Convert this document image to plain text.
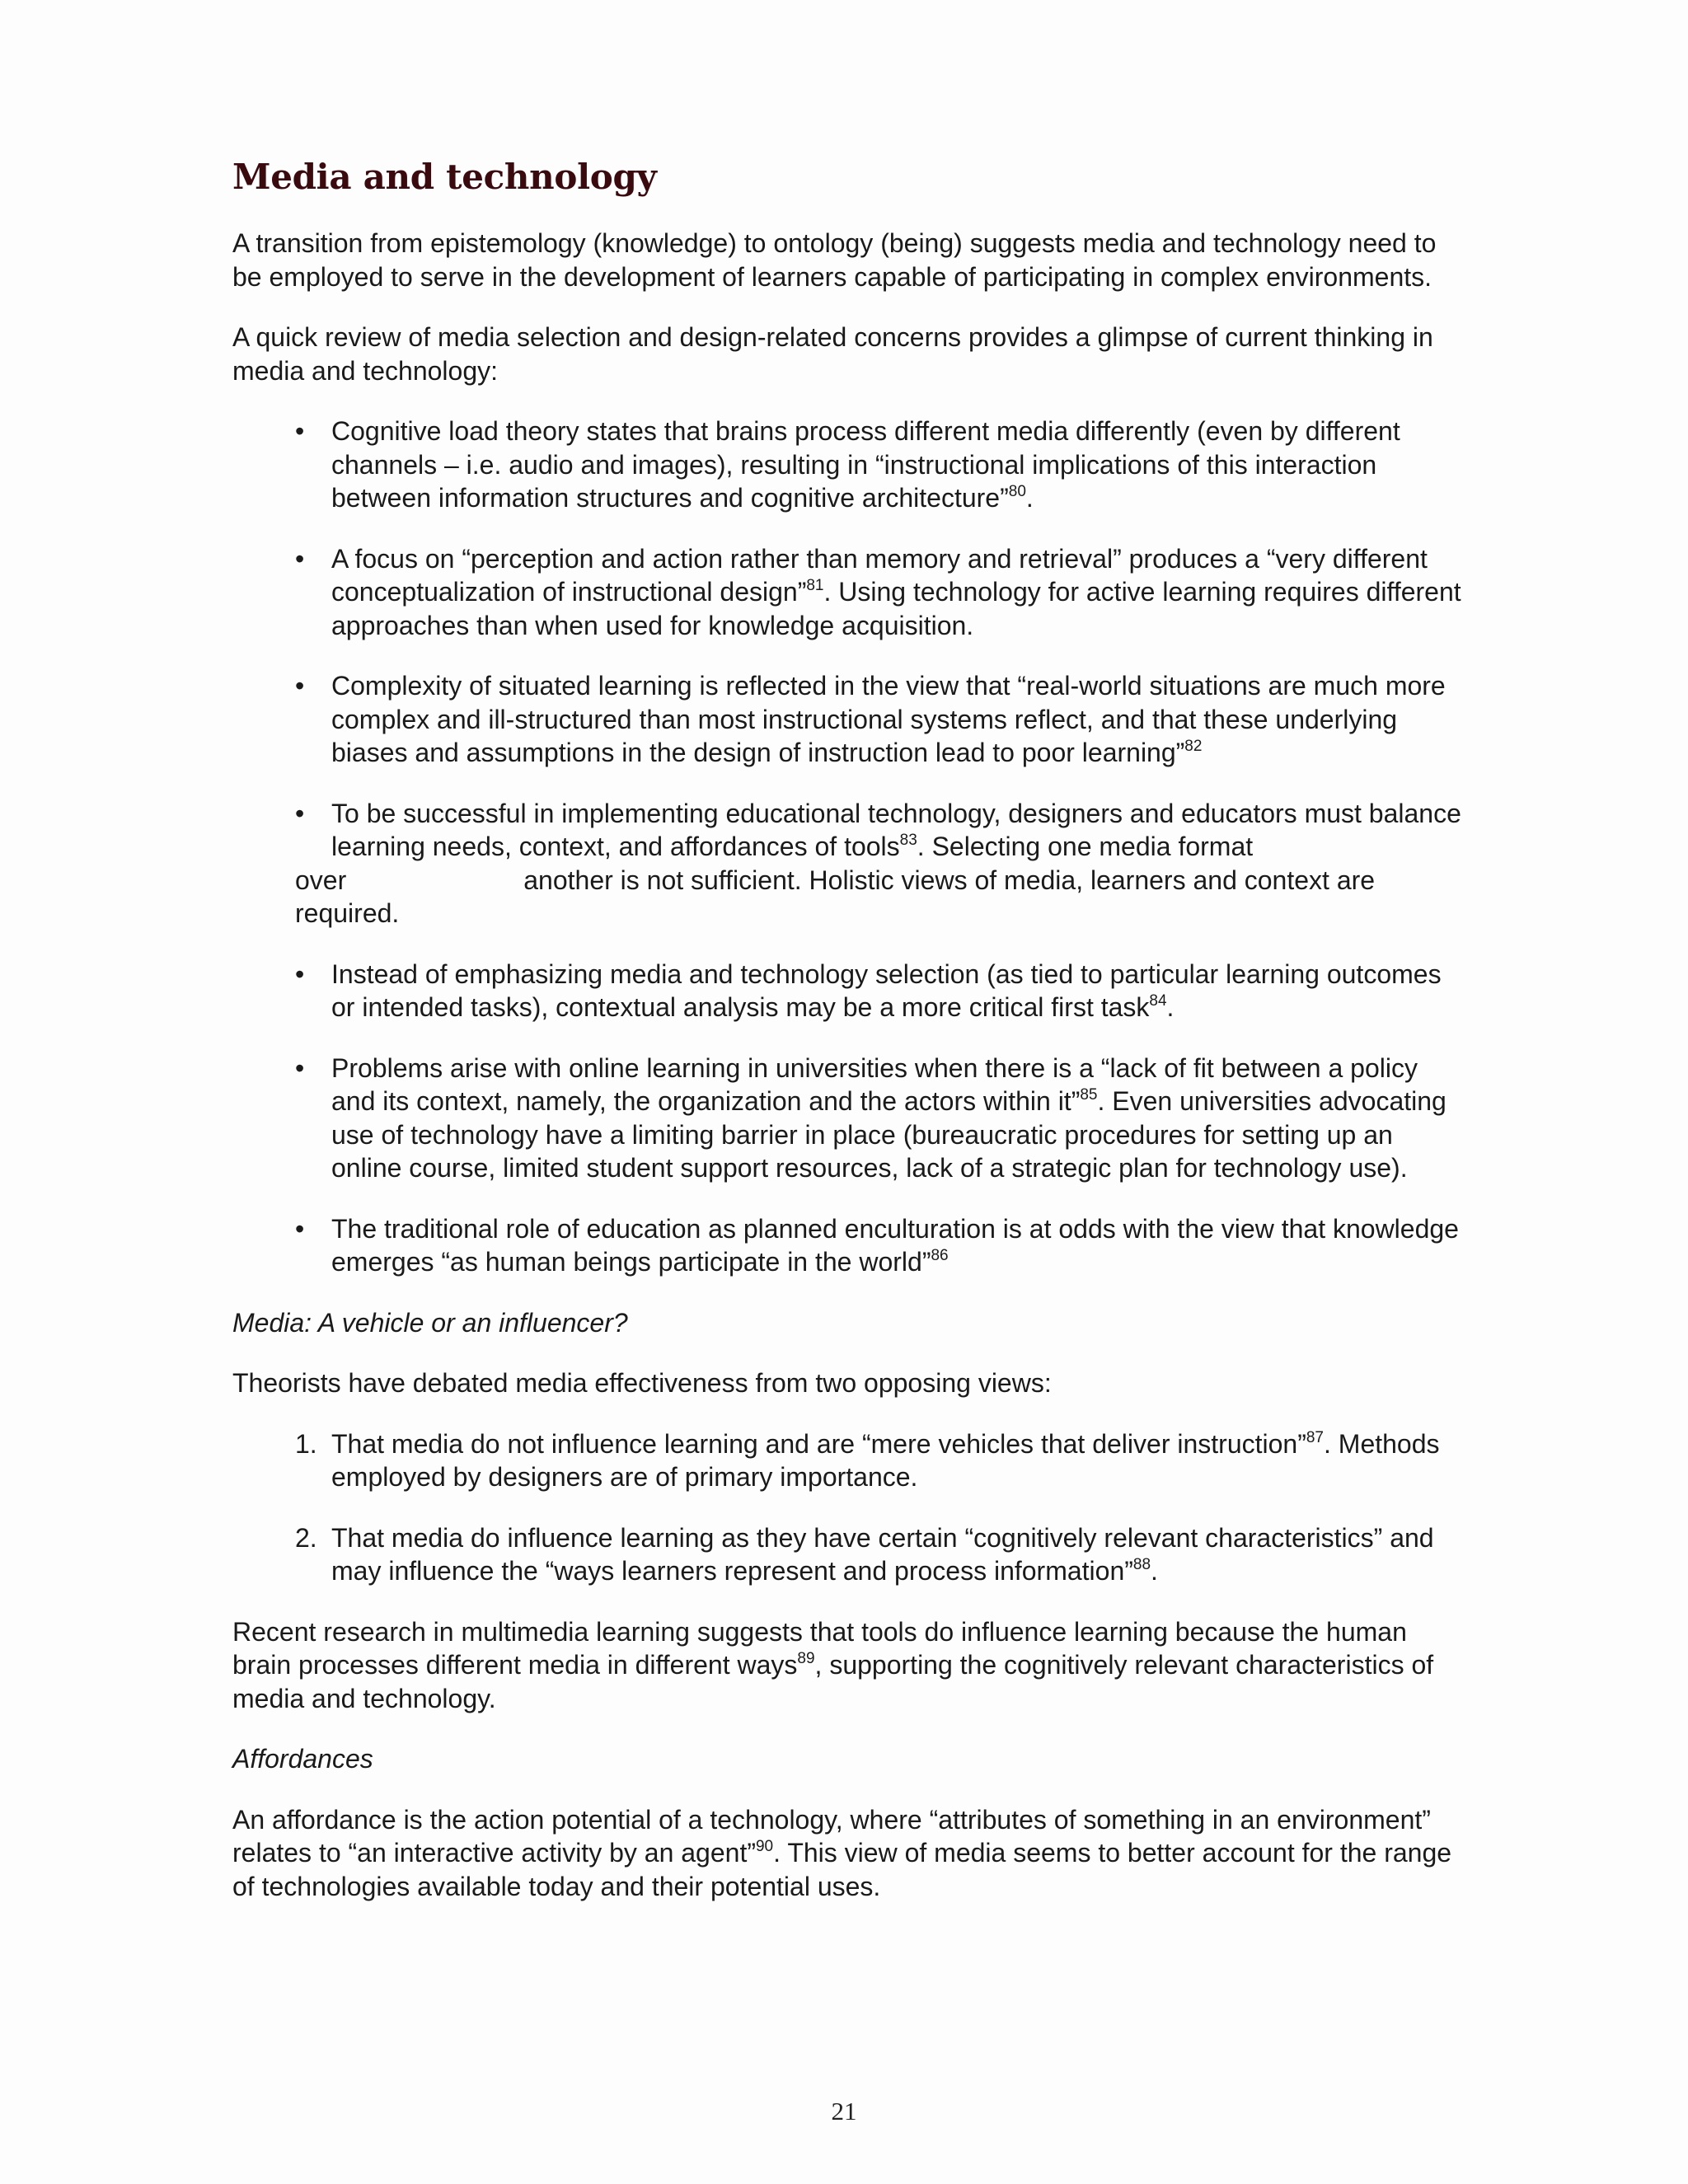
Media and technology

A transition from epistemology (knowledge) to ontology (being) suggests media and technology need to be employed to serve in the development of learners capable of participating in complex environments.

A quick review of media selection and design-related concerns provides a glimpse of current thinking in media and technology:

• Cognitive load theory states that brains process different media differently (even by different channels – i.e. audio and images), resulting in “instructional implications of this interaction between information structures and cognitive architecture”$^{80}$.
• A focus on “perception and action rather than memory and retrieval” produces a “very different conceptualization of instructional design”$^{81}$. Using technology for active learning requires different approaches than when used for knowledge acquisition.
• Complexity of situated learning is reflected in the view that “real-world situations are much more complex and ill-structured than most instructional systems reflect, and that these underlying biases and assumptions in the design of instruction lead to poor learning”$^{82}$
• To be successful in implementing educational technology, designers and educators must balance learning needs, context, and affordances of tools$^{83}$. Selecting one media format
over	another is not sufficient. Holistic views of media, learners and context are
required.
• Instead of emphasizing media and technology selection (as tied to particular learning outcomes or intended tasks), contextual analysis may be a more critical first task$^{84}$.
• Problems arise with online learning in universities when there is a “lack of fit between a policy and its context, namely, the organization and the actors within it”$^{85}$. Even universities advocating use of technology have a limiting barrier in place (bureaucratic procedures for setting up an online course, limited student support resources, lack of a strategic plan for technology use).
• The traditional role of education as planned enculturation is at odds with the view that knowledge emerges “as human beings participate in the world”$^{86}$

Media: A vehicle or an influencer?

Theorists have debated media effectiveness from two opposing views:

1. That media do not influence learning and are “mere vehicles that deliver instruction”$^{87}$. Methods employed by designers are of primary importance.
2. That media do influence learning as they have certain “cognitively relevant characteristics” and may influence the “ways learners represent and process information”$^{88}$.

Recent research in multimedia learning suggests that tools do influence learning because the human brain processes different media in different ways$^{89}$, supporting the cognitively relevant characteristics of media and technology.

Affordances

An affordance is the action potential of a technology, where “attributes of something in an environment” relates to “an interactive activity by an agent”$^{90}$. This view of media seems to better account for the range of technologies available today and their potential uses.

21
